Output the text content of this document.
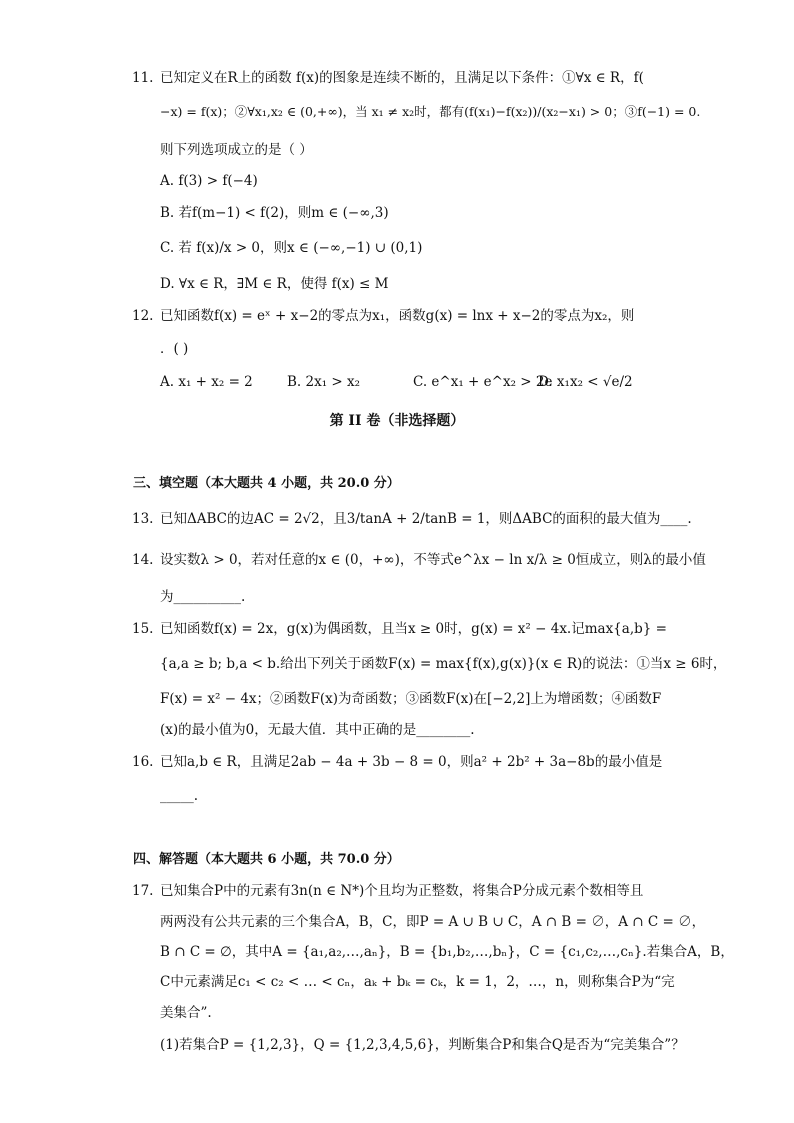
11. 已知定义在R上的函数 f(x)的图象是连续不断的，且满足以下条件：①∀x ∈ R，f(
−x) = f(x)；②∀x₁,x₂ ∈ (0,+∞)，当 x₁ ≠ x₂时，都有(f(x₁)−f(x₂))/(x₂−x₁) > 0；③f(−1) = 0.
则下列选项成立的是（ ）
A. f(3) > f(−4)
B. 若f(m−1) < f(2)，则m ∈ (−∞,3)
C. 若 f(x)/x > 0，则x ∈ (−∞,−1) ∪ (0,1)
D. ∀x ∈ R，∃M ∈ R，使得 f(x) ≤ M
12. 已知函数f(x) = eˣ + x−2的零点为x₁，函数g(x) = lnx + x−2的零点为x₂，则
．( )
A. x₁ + x₂ = 2	B. 2x₁ > x₂	C. e^x₁ + e^x₂ > 2e
D. x₁x₂ < √e/2
第 II 卷（非选择题）
三、填空题（本大题共 4 小题，共 20.0 分）
13. 已知ΔABC的边AC = 2√2，且3/tanA + 2/tanB = 1，则ΔABC的面积的最大值为____.
14. 设实数λ > 0，若对任意的x ∈ (0，+∞)，不等式e^λx − ln x/λ ≥ 0恒成立，则λ的最小值
为__________.
15. 已知函数f(x) = 2x，g(x)为偶函数，且当x ≥ 0时，g(x) = x² − 4x.记max{a,b} =
{a,a ≥ b; b,a < b.给出下列关于函数F(x) = max{f(x),g(x)}(x ∈ R)的说法：①当x ≥ 6时，
F(x) = x² − 4x；②函数F(x)为奇函数；③函数F(x)在[−2,2]上为增函数；④函数F
(x)的最小值为0，无最大值．其中正确的是________.
16. 已知a,b ∈ R，且满足2ab − 4a + 3b − 8 = 0，则a² + 2b² + 3a−8b的最小值是
_____.
四、解答题（本大题共 6 小题，共 70.0 分）
17. 已知集合P中的元素有3n(n ∈ N*)个且均为正整数，将集合P分成元素个数相等且
两两没有公共元素的三个集合A，B，C，即P = A ∪ B ∪ C，A ∩ B = ∅，A ∩ C = ∅，
B ∩ C = ∅，其中A = {a₁,a₂,…,aₙ}，B = {b₁,b₂,…,bₙ}，C = {c₁,c₂,…,cₙ}.若集合A，B，
C中元素满足c₁ < c₂ < … < cₙ，aₖ + bₖ = cₖ，k = 1，2，…，n，则称集合P为“完
美集合”.
(1)若集合P = {1,2,3}，Q = {1,2,3,4,5,6}，判断集合P和集合Q是否为“完美集合”？
